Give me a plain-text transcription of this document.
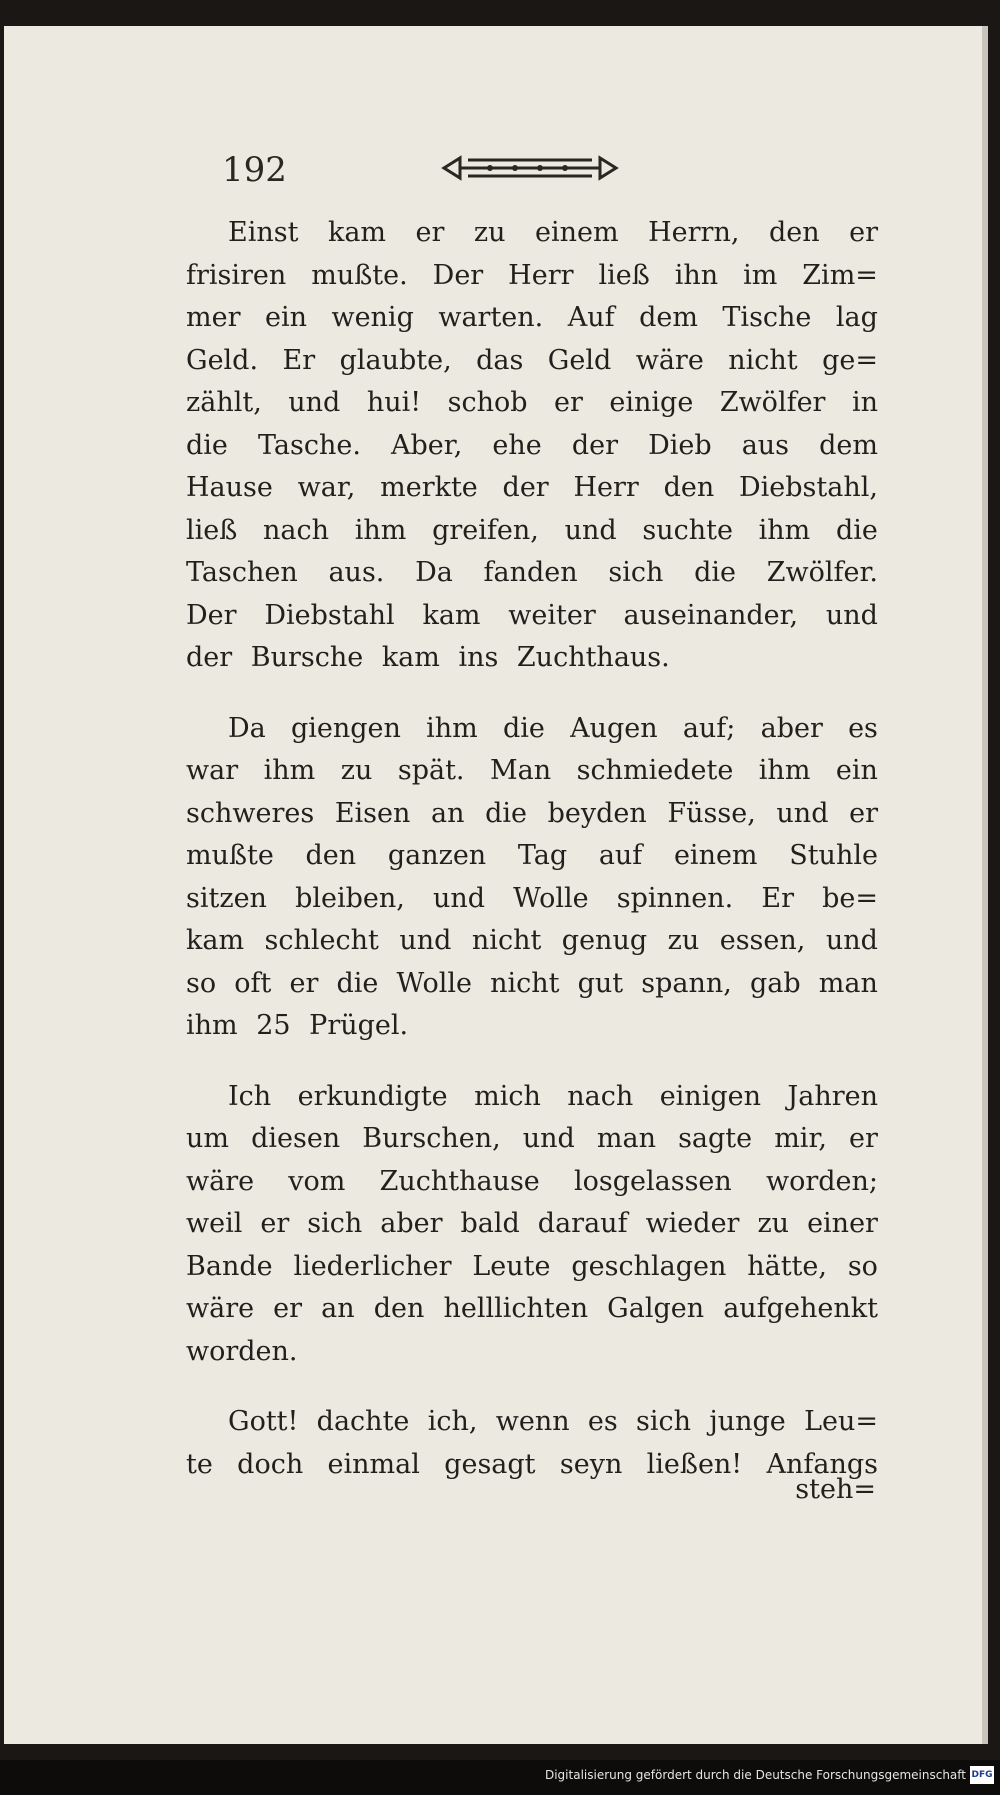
192
Einst kam er zu einem Herrn, den er
frisiren mußte. Der Herr ließ ihn im Zim=
mer ein wenig warten. Auf dem Tische lag
Geld. Er glaubte, das Geld wäre nicht ge=
zählt, und hui! schob er einige Zwölfer in
die Tasche. Aber, ehe der Dieb aus dem
Hause war, merkte der Herr den Diebstahl,
ließ nach ihm greifen, und suchte ihm die
Taschen aus. Da fanden sich die Zwölfer.
Der Diebstahl kam weiter auseinander, und
der Bursche kam ins Zuchthaus.
Da giengen ihm die Augen auf; aber es
war ihm zu spät. Man schmiedete ihm ein
schweres Eisen an die beyden Füsse, und er
mußte den ganzen Tag auf einem Stuhle
sitzen bleiben, und Wolle spinnen. Er be=
kam schlecht und nicht genug zu essen, und
so oft er die Wolle nicht gut spann, gab man
ihm 25 Prügel.
Ich erkundigte mich nach einigen Jahren
um diesen Burschen, und man sagte mir, er
wäre vom Zuchthause losgelassen worden;
weil er sich aber bald darauf wieder zu einer
Bande liederlicher Leute geschlagen hätte, so
wäre er an den helllichten Galgen aufgehenkt
worden.
Gott! dachte ich, wenn es sich junge Leu=
te doch einmal gesagt seyn ließen! Anfangs
steh=
Digitalisierung gefördert durch die Deutsche Forschungsgemeinschaft DFG
